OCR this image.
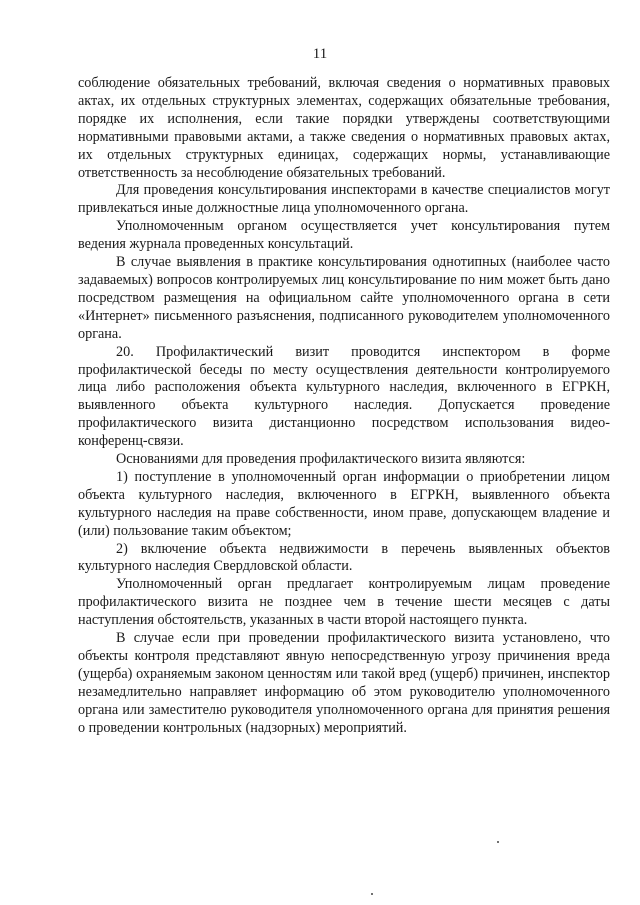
11

соблюдение обязательных требований, включая сведения о нормативных правовых актах, их отдельных структурных элементах, содержащих обязательные требования, порядке их исполнения, если такие порядки утверждены соответствующими нормативными правовыми актами, а также сведения о нормативных правовых актах, их отдельных структурных единицах, содержащих нормы, устанавливающие ответственность за несоблюдение обязательных требований.

Для проведения консультирования инспекторами в качестве специалистов могут привлекаться иные должностные лица уполномоченного органа.

Уполномоченным органом осуществляется учет консультирования путем ведения журнала проведенных консультаций.

В случае выявления в практике консультирования однотипных (наиболее часто задаваемых) вопросов контролируемых лиц консультирование по ним может быть дано посредством размещения на официальном сайте уполномоченного органа в сети «Интернет» письменного разъяснения, подписанного руководителем уполномоченного органа.

20. Профилактический визит проводится инспектором в форме профилактической беседы по месту осуществления деятельности контролируемого лица либо расположения объекта культурного наследия, включенного в ЕГРКН, выявленного объекта культурного наследия. Допускается проведение профилактического визита дистанционно посредством использования видео-конференц-связи.

Основаниями для проведения профилактического визита являются:

1) поступление в уполномоченный орган информации о приобретении лицом объекта культурного наследия, включенного в ЕГРКН, выявленного объекта культурного наследия на праве собственности, ином праве, допускающем владение и (или) пользование таким объектом;

2) включение объекта недвижимости в перечень выявленных объектов культурного наследия Свердловской области.

Уполномоченный орган предлагает контролируемым лицам проведение профилактического визита не позднее чем в течение шести месяцев с даты наступления обстоятельств, указанных в части второй настоящего пункта.

В случае если при проведении профилактического визита установлено, что объекты контроля представляют явную непосредственную угрозу причинения вреда (ущерба) охраняемым законом ценностям или такой вред (ущерб) причинен, инспектор незамедлительно направляет информацию об этом руководителю уполномоченного органа или заместителю руководителя уполномоченного органа для принятия решения о проведении контрольных (надзорных) мероприятий.
